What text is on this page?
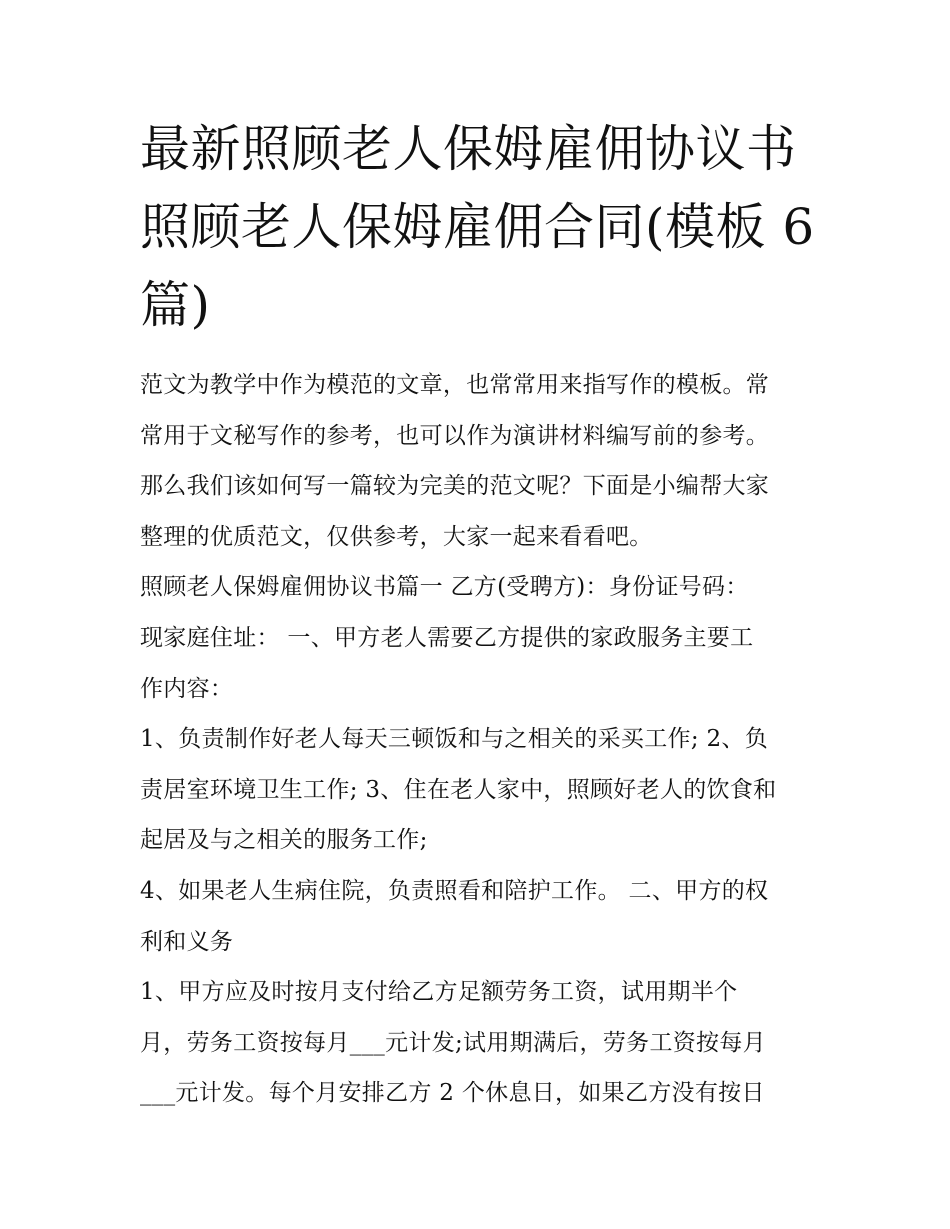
最新照顾老人保姆雇佣协议书
照顾老人保姆雇佣合同(模板 6
篇)
范文为教学中作为模范的文章，也常常用来指写作的模板。常
常用于文秘写作的参考，也可以作为演讲材料编写前的参考。
那么我们该如何写一篇较为完美的范文呢？下面是小编帮大家
整理的优质范文，仅供参考，大家一起来看看吧。
照顾老人保姆雇佣协议书篇一 乙方(受聘方)：身份证号码：
现家庭住址： 一、甲方老人需要乙方提供的家政服务主要工
作内容：
1、负责制作好老人每天三顿饭和与之相关的采买工作; 2、负
责居室环境卫生工作; 3、住在老人家中，照顾好老人的饮食和
起居及与之相关的服务工作;
4、如果老人生病住院，负责照看和陪护工作。 二、甲方的权
利和义务
1、甲方应及时按月支付给乙方足额劳务工资，试用期半个
月，劳务工资按每月___元计发;试用期满后，劳务工资按每月
___元计发。每个月安排乙方 2 个休息日，如果乙方没有按日
